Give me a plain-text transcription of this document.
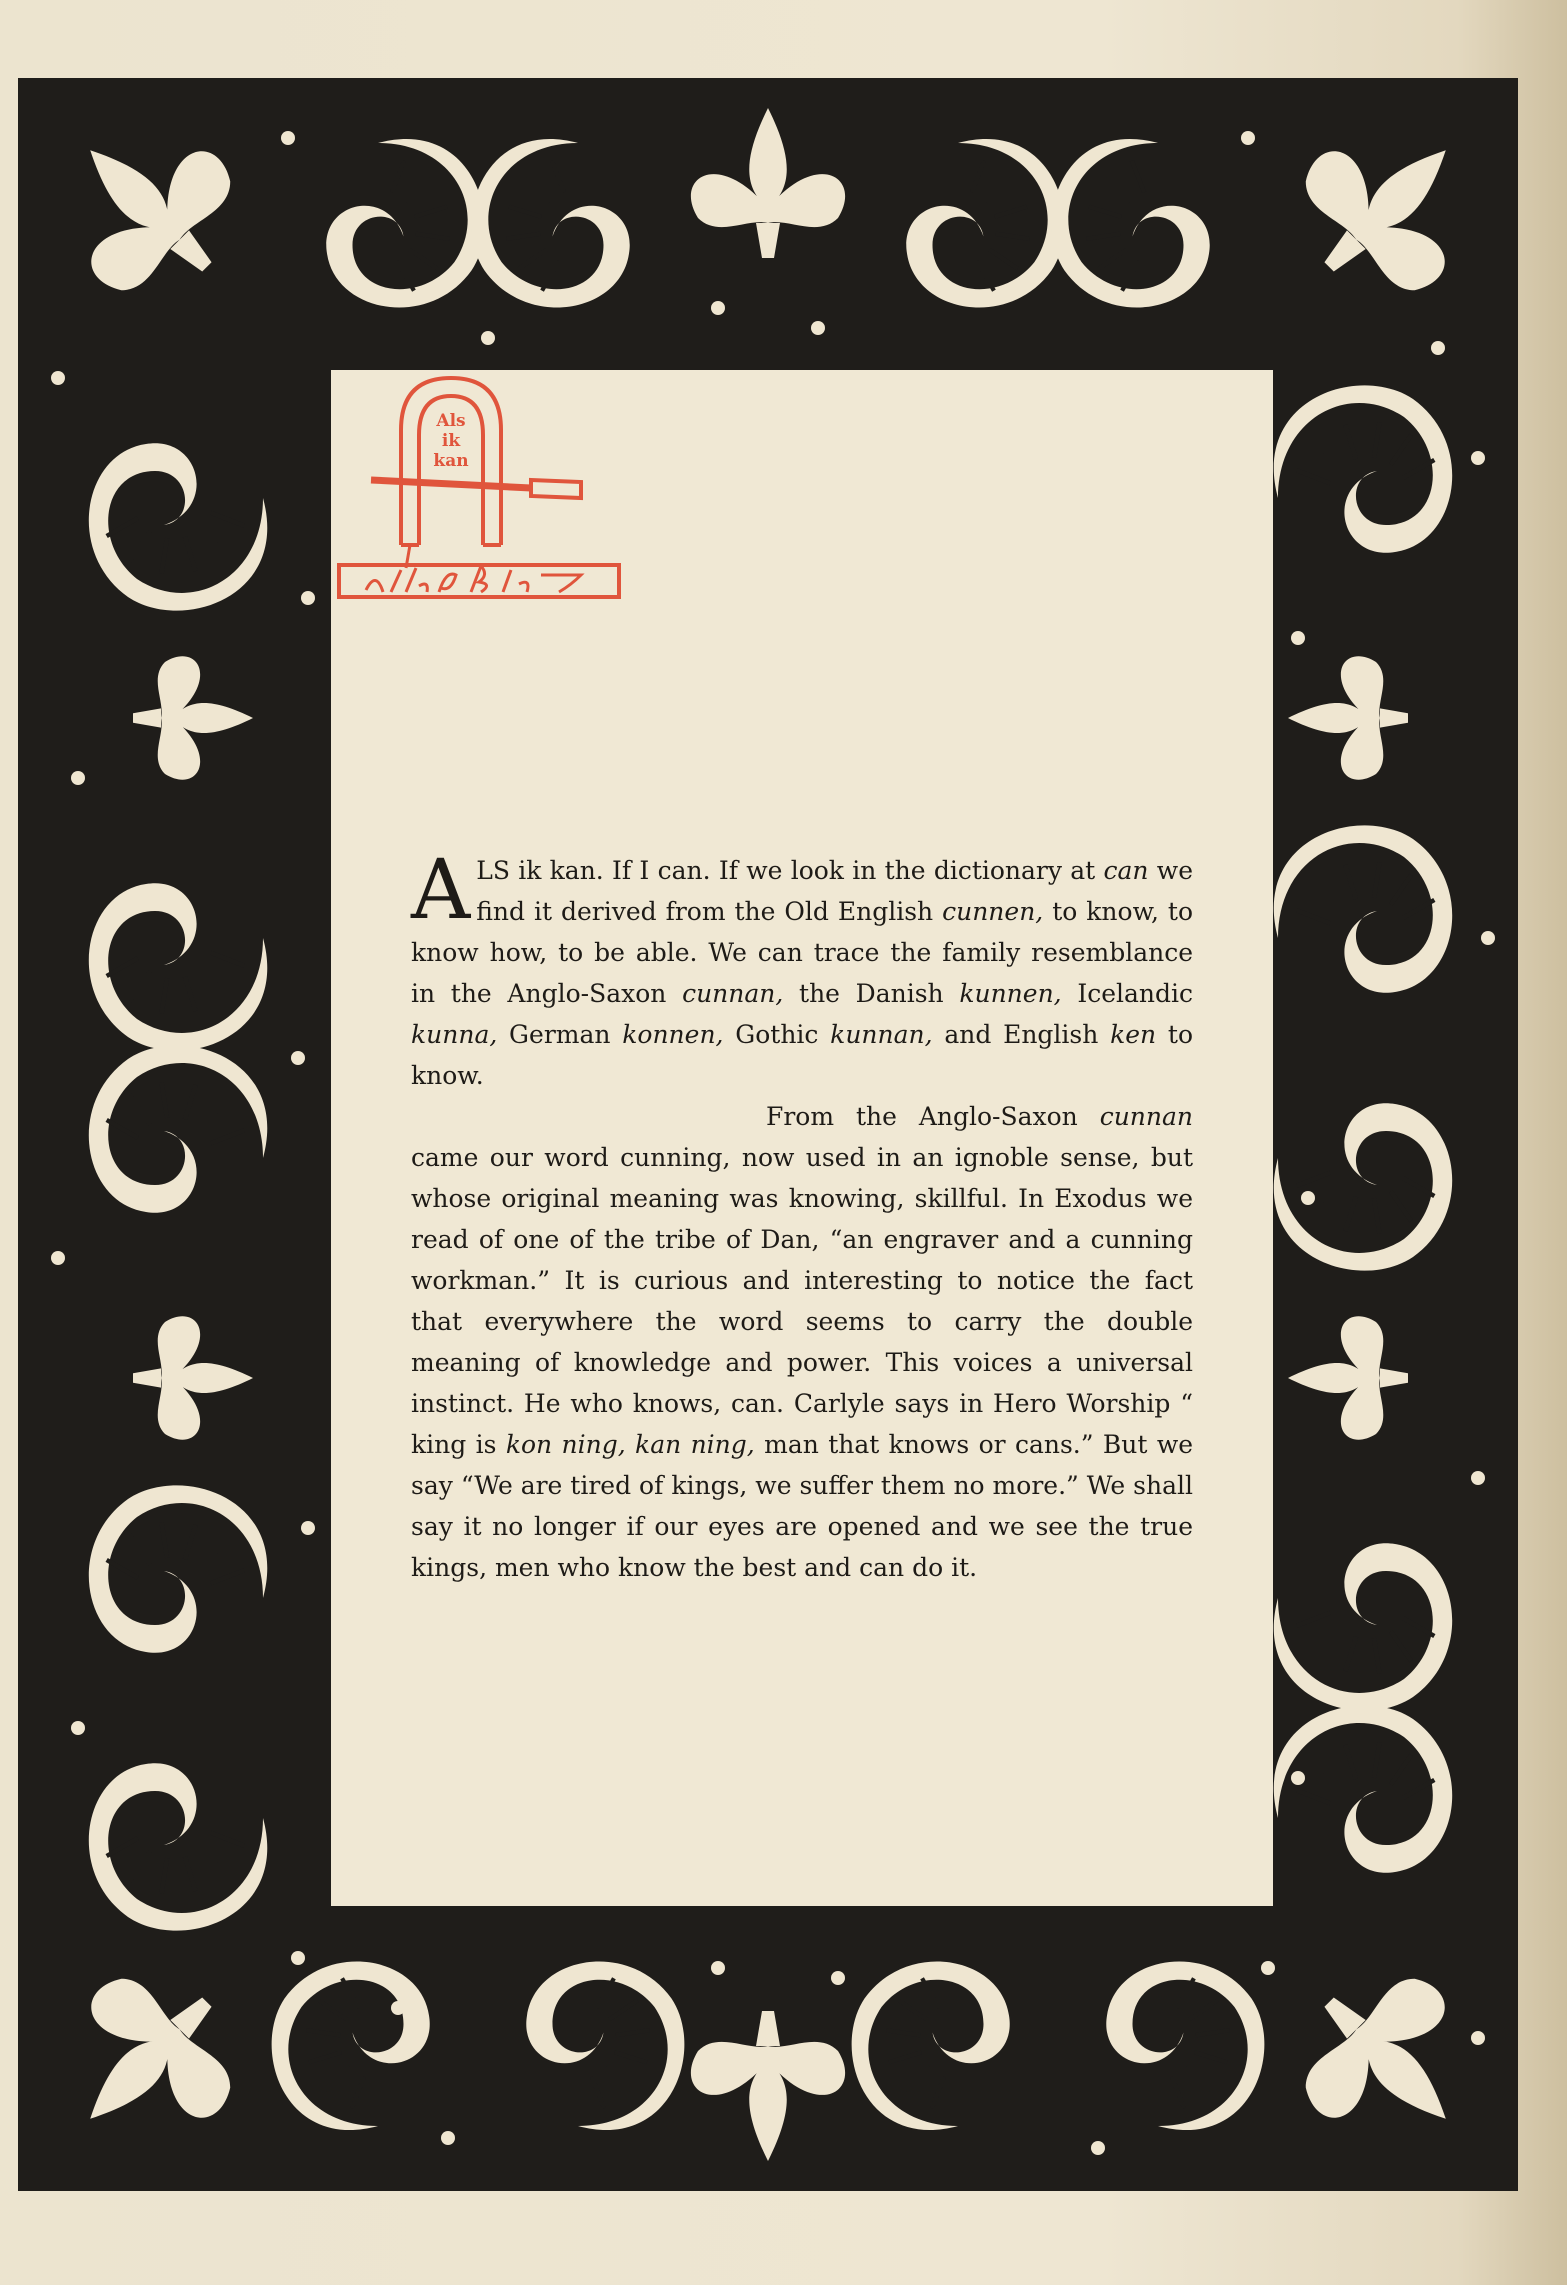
Als
ik
kan

ALS ik kan. If I can. If we look in the dictionary at can we find it derived from the Old English cunnen, to know, to know how, to be able. We can trace the family resemblance in the Anglo-Saxon cunnan, the Danish kunnen, Icelandic kunna, German konnen, Gothic kunnan, and English ken to know.

From the Anglo-Saxon cunnan came our word cunning, now used in an ignoble sense, but whose original meaning was knowing, skillful. In Exodus we read of one of the tribe of Dan, “an engraver and a cunning workman.” It is curious and interesting to notice the fact that everywhere the word seems to carry the double meaning of knowledge and power. This voices a universal instinct. He who knows, can. Carlyle says in Hero Worship “ king is kon ning, kan ning, man that knows or cans.” But we say “We are tired of kings, we suffer them no more.” We shall say it no longer if our eyes are opened and we see the true kings, men who know the best and can do it.
